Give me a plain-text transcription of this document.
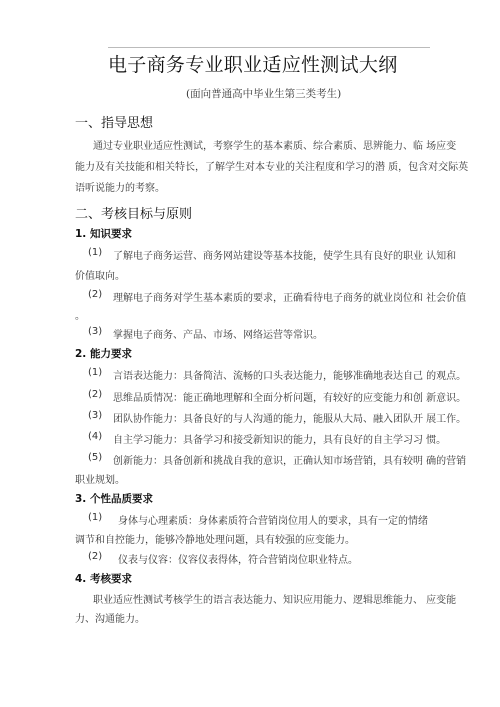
电子商务专业职业适应性测试大纲
(面向普通高中毕业生第三类考生)
一、指导思想
通过专业职业适应性测试，考察学生的基本素质、综合素质、思辨能力、临 场应变
能力及有关技能和相关特长，了解学生对本专业的关注程度和学习的潜 质，包含对交际英
语听说能力的考察。
二、考核目标与原则
1. 知识要求
(1) 了解电子商务运营、商务网站建设等基本技能，使学生具有良好的职业 认知和
价值取向。
(2) 理解电子商务对学生基本素质的要求，正确看待电子商务的就业岗位和 社会价值
。
(3) 掌握电子商务、产品、市场、网络运营等常识。
2. 能力要求
(1) 言语表达能力：具备简洁、流畅的口头表达能力，能够准确地表达自己 的观点。
(2) 思维品质情况：能正确地理解和全面分析问题，有较好的应变能力和创 新意识。
(3) 团队协作能力：具备良好的与人沟通的能力，能服从大局、融入团队开 展工作。
(4) 自主学习能力：具备学习和接受新知识的能力，具有良好的自主学习习 惯。
(5) 创新能力：具备创新和挑战自我的意识，正确认知市场营销，具有较明 确的营销
职业规划。
3. 个性品质要求
(1) 身体与心理素质：身体素质符合营销岗位用人的要求，具有一定的情绪
调节和自控能力，能够冷静地处理问题，具有较强的应变能力。
(2) 仪表与仪容：仪容仪表得体，符合营销岗位职业特点。
4. 考核要求
职业适应性测试考核学生的语言表达能力、知识应用能力、逻辑思维能力、 应变能
力、沟通能力。
